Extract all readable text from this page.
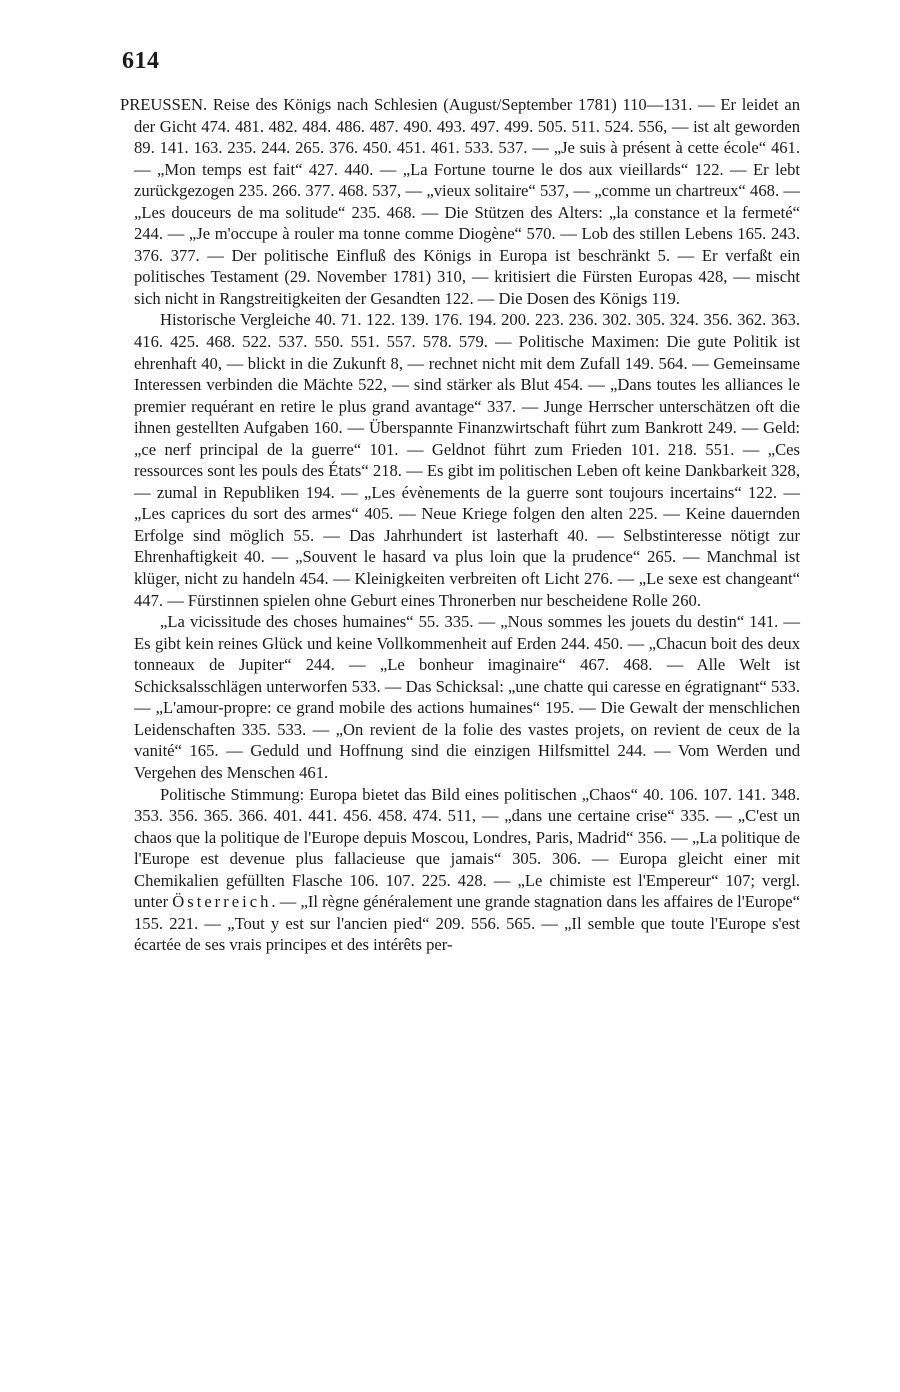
614

PREUSSEN. Reise des Königs nach Schlesien (August/September 1781) 110—131. — Er leidet an der Gicht 474. 481. 482. 484. 486. 487. 490. 493. 497. 499. 505. 511. 524. 556, — ist alt geworden 89. 141. 163. 235. 244. 265. 376. 450. 451. 461. 533. 537. — „Je suis à présent à cette école“ 461. — „Mon temps est fait“ 427. 440. — „La Fortune tourne le dos aux vieillards“ 122. — Er lebt zurückgezogen 235. 266. 377. 468. 537, — „vieux solitaire“ 537, — „comme un chartreux“ 468. — „Les douceurs de ma solitude“ 235. 468. — Die Stützen des Alters: „la constance et la fermeté“ 244. — „Je m'occupe à rouler ma tonne comme Diogène“ 570. — Lob des stillen Lebens 165. 243. 376. 377. — Der politische Einfluß des Königs in Europa ist beschränkt 5. — Er verfaßt ein politisches Testament (29. November 1781) 310, — kritisiert die Fürsten Europas 428, — mischt sich nicht in Rangstreitigkeiten der Gesandten 122. — Die Dosen des Königs 119.

Historische Vergleiche 40. 71. 122. 139. 176. 194. 200. 223. 236. 302. 305. 324. 356. 362. 363. 416. 425. 468. 522. 537. 550. 551. 557. 578. 579. — Politische Maximen: Die gute Politik ist ehrenhaft 40, — blickt in die Zukunft 8, — rechnet nicht mit dem Zufall 149. 564. — Gemeinsame Interessen verbinden die Mächte 522, — sind stärker als Blut 454. — „Dans toutes les alliances le premier requérant en retire le plus grand avantage“ 337. — Junge Herrscher unterschätzen oft die ihnen gestellten Aufgaben 160. — Überspannte Finanzwirtschaft führt zum Bankrott 249. — Geld: „ce nerf principal de la guerre“ 101. — Geldnot führt zum Frieden 101. 218. 551. — „Ces ressources sont les pouls des États“ 218. — Es gibt im politischen Leben oft keine Dankbarkeit 328, — zumal in Republiken 194. — „Les évènements de la guerre sont toujours incertains“ 122. — „Les caprices du sort des armes“ 405. — Neue Kriege folgen den alten 225. — Keine dauernden Erfolge sind möglich 55. — Das Jahrhundert ist lasterhaft 40. — Selbstinteresse nötigt zur Ehrenhaftigkeit 40. — „Souvent le hasard va plus loin que la prudence“ 265. — Manchmal ist klüger, nicht zu handeln 454. — Kleinigkeiten verbreiten oft Licht 276. — „Le sexe est changeant“ 447. — Fürstinnen spielen ohne Geburt eines Thronerben nur bescheidene Rolle 260.

„La vicissitude des choses humaines“ 55. 335. — „Nous sommes les jouets du destin“ 141. — Es gibt kein reines Glück und keine Vollkommenheit auf Erden 244. 450. — „Chacun boit des deux tonneaux de Jupiter“ 244. — „Le bonheur imaginaire“ 467. 468. — Alle Welt ist Schicksalsschlägen unterworfen 533. — Das Schicksal: „une chatte qui caresse en égratignant“ 533. — „L'amour-propre: ce grand mobile des actions humaines“ 195. — Die Gewalt der menschlichen Leidenschaften 335. 533. — „On revient de la folie des vastes projets, on revient de ceux de la vanité“ 165. — Geduld und Hoffnung sind die einzigen Hilfsmittel 244. — Vom Werden und Vergehen des Menschen 461.

Politische Stimmung: Europa bietet das Bild eines politischen „Chaos“ 40. 106. 107. 141. 348. 353. 356. 365. 366. 401. 441. 456. 458. 474. 511, — „dans une certaine crise“ 335. — „C'est un chaos que la politique de l'Europe depuis Moscou, Londres, Paris, Madrid“ 356. — „La politique de l'Europe est devenue plus fallacieuse que jamais“ 305. 306. — Europa gleicht einer mit Chemikalien gefüllten Flasche 106. 107. 225. 428. — „Le chimiste est l'Empereur“ 107; vergl. unter Österreich. — „Il règne généralement une grande stagnation dans les affaires de l'Europe“ 155. 221. — „Tout y est sur l'ancien pied“ 209. 556. 565. — „Il semble que toute l'Europe s'est écartée de ses vrais principes et des intérêts per-
